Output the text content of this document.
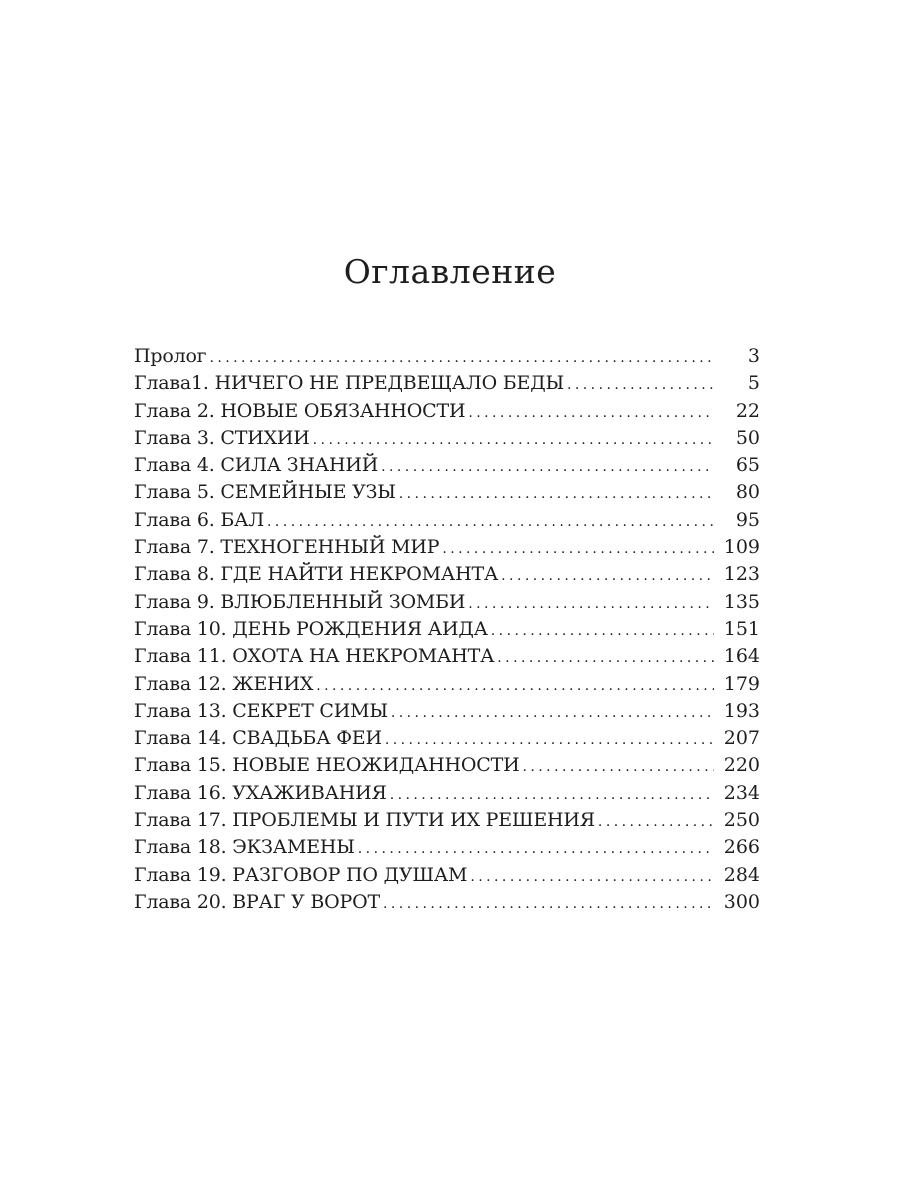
Оглавление
Пролог . . .	3
Глава1. НИЧЕГО НЕ ПРЕДВЕЩАЛО БЕДЫ . . .	5
Глава 2. НОВЫЕ ОБЯЗАННОСТИ . . .	22
Глава 3. СТИХИИ . . .	50
Глава 4. СИЛА ЗНАНИЙ . . .	65
Глава 5. СЕМЕЙНЫЕ УЗЫ . . .	80
Глава 6. БАЛ . . .	95
Глава 7. ТЕХНОГЕННЫЙ МИР . . .	109
Глава 8. ГДЕ НАЙТИ НЕКРОМАНТА . . .	123
Глава 9. ВЛЮБЛЕННЫЙ ЗОМБИ . . .	135
Глава 10. ДЕНЬ РОЖДЕНИЯ АИДА . . .	151
Глава 11. ОХОТА НА НЕКРОМАНТА . . .	164
Глава 12. ЖЕНИХ . . .	179
Глава 13. СЕКРЕТ СИМЫ . . .	193
Глава 14. СВАДЬБА ФЕИ . . .	207
Глава 15. НОВЫЕ НЕОЖИДАННОСТИ . . .	220
Глава 16. УХАЖИВАНИЯ . . .	234
Глава 17. ПРОБЛЕМЫ И ПУТИ ИХ РЕШЕНИЯ . . .	250
Глава 18. ЭКЗАМЕНЫ . . .	266
Глава 19. РАЗГОВОР ПО ДУШАМ . . .	284
Глава 20. ВРАГ У ВОРОТ . . .	300
